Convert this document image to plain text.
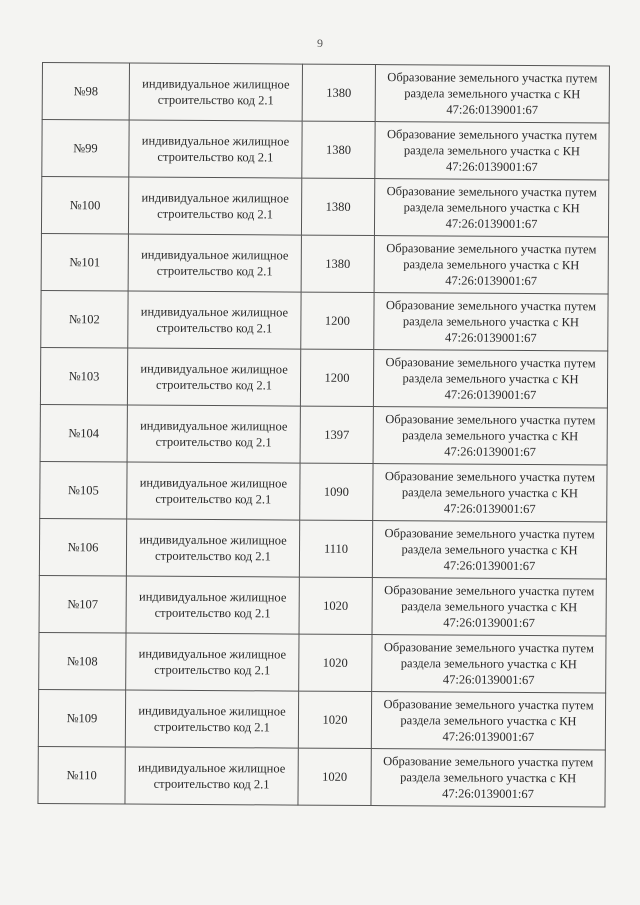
9
№98	индивидуальное жилищное
строительство код 2.1	1380	Образование земельного участка путем
раздела земельного участка с КН
47:26:0139001:67

№99	индивидуальное жилищное
строительство код 2.1	1380	Образование земельного участка путем
раздела земельного участка с КН
47:26:0139001:67

№100	индивидуальное жилищное
строительство код 2.1	1380	Образование земельного участка путем
раздела земельного участка с КН
47:26:0139001:67

№101	индивидуальное жилищное
строительство код 2.1	1380	Образование земельного участка путем
раздела земельного участка с КН
47:26:0139001:67

№102	индивидуальное жилищное
строительство код 2.1	1200	Образование земельного участка путем
раздела земельного участка с КН
47:26:0139001:67

№103	индивидуальное жилищное
строительство код 2.1	1200	Образование земельного участка путем
раздела земельного участка с КН
47:26:0139001:67

№104	индивидуальное жилищное
строительство код 2.1	1397	Образование земельного участка путем
раздела земельного участка с КН
47:26:0139001:67

№105	индивидуальное жилищное
строительство код 2.1	1090	Образование земельного участка путем
раздела земельного участка с КН
47:26:0139001:67

№106	индивидуальное жилищное
строительство код 2.1	1110	Образование земельного участка путем
раздела земельного участка с КН
47:26:0139001:67

№107	индивидуальное жилищное
строительство код 2.1	1020	Образование земельного участка путем
раздела земельного участка с КН
47:26:0139001:67

№108	индивидуальное жилищное
строительство код 2.1	1020	Образование земельного участка путем
раздела земельного участка с КН
47:26:0139001:67

№109	индивидуальное жилищное
строительство код 2.1	1020	Образование земельного участка путем
раздела земельного участка с КН
47:26:0139001:67

№110	индивидуальное жилищное
строительство код 2.1	1020	Образование земельного участка путем
раздела земельного участка с КН
47:26:0139001:67
